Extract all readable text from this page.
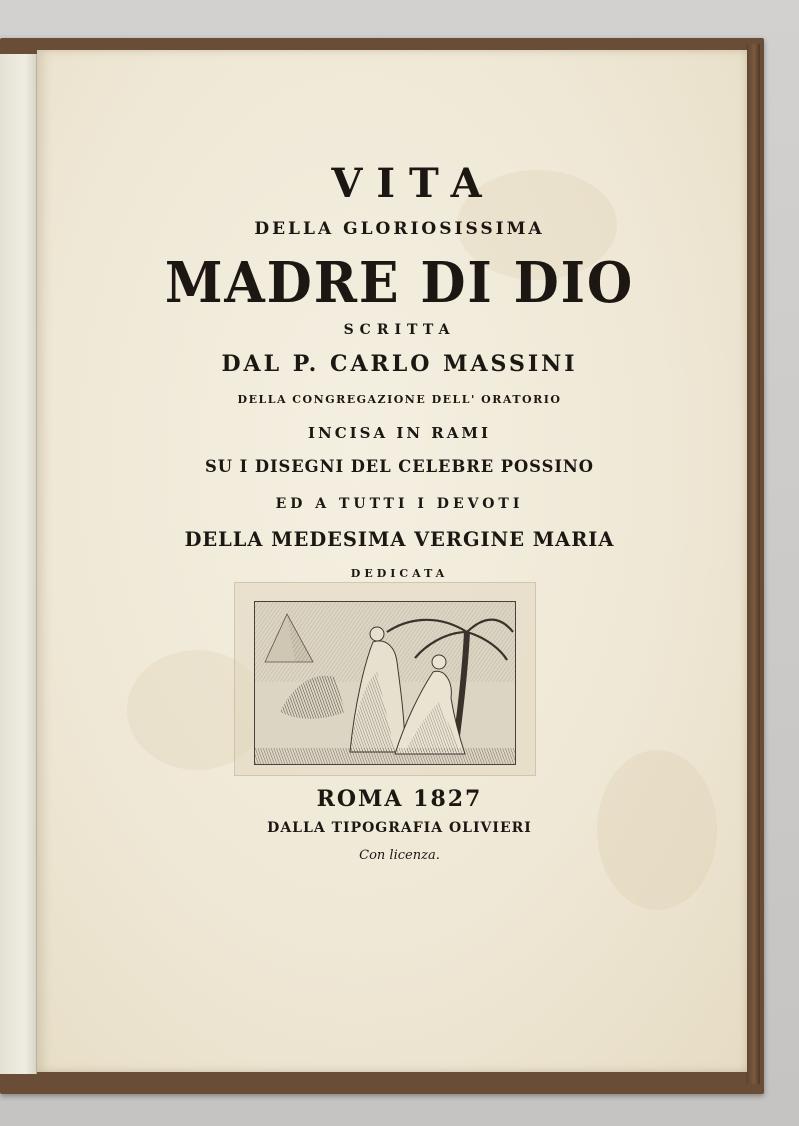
VITA
DELLA GLORIOSISSIMA
MADRE DI DIO
SCRITTA
DAL P. CARLO MASSINI
DELLA CONGREGAZIONE DELL' ORATORIO
INCISA IN RAMI
SU I DISEGNI DEL CELEBRE POSSINO
ED A TUTTI I DEVOTI
DELLA MEDESIMA VERGINE MARIA
DEDICATA
ROMA 1827
DALLA TIPOGRAFIA OLIVIERI
Con licenza.
